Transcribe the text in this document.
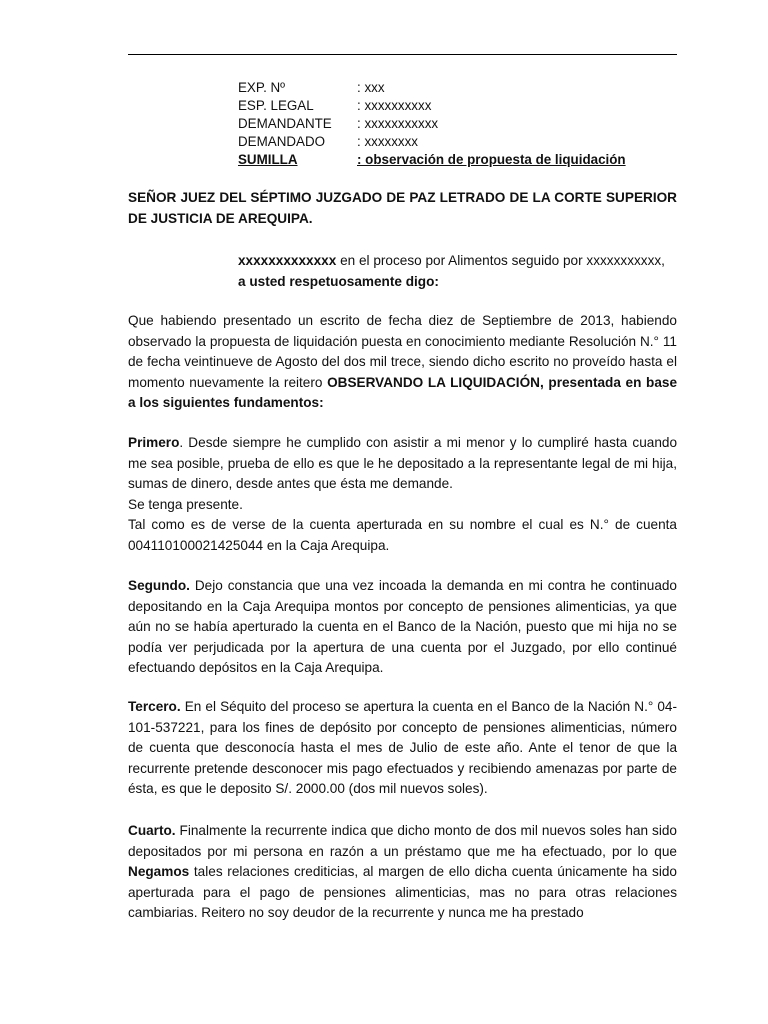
EXP. Nº	: xxx
ESP. LEGAL	: xxxxxxxxxx
DEMANDANTE	: xxxxxxxxxxx
DEMANDADO	: xxxxxxxx
SUMILLA	: observación de propuesta de liquidación
SEÑOR JUEZ DEL SÉPTIMO JUZGADO DE PAZ LETRADO DE LA CORTE SUPERIOR DE JUSTICIA DE AREQUIPA.
xxxxxxxxxxxxx en el proceso por Alimentos seguido por xxxxxxxxxxx,
a usted respetuosamente digo:
Que habiendo presentado un escrito de fecha diez de Septiembre de 2013, habiendo observado la propuesta de liquidación puesta en conocimiento mediante Resolución N.° 11 de fecha veintinueve de Agosto del dos mil trece, siendo dicho escrito no proveído hasta el momento nuevamente la reitero OBSERVANDO LA LIQUIDACIÓN, presentada en base a los siguientes fundamentos:
Primero. Desde siempre he cumplido con asistir a mi menor y lo cumpliré hasta cuando me sea posible, prueba de ello es que le he depositado a la representante legal de mi hija, sumas de dinero, desde antes que ésta me demande.
Se tenga presente.
Tal como es de verse de la cuenta aperturada en su nombre el cual es N.° de cuenta 004110100021425044 en la Caja Arequipa.
Segundo. Dejo constancia que una vez incoada la demanda en mi contra he continuado depositando en la Caja Arequipa montos por concepto de pensiones alimenticias, ya que aún no se había aperturado la cuenta en el Banco de la Nación, puesto que mi hija no se podía ver perjudicada por la apertura de una cuenta por el Juzgado, por ello continué efectuando depósitos en la Caja Arequipa.
Tercero. En el Séquito del proceso se apertura la cuenta en el Banco de la Nación N.° 04-101-537221, para los fines de depósito por concepto de pensiones alimenticias, número de cuenta que desconocía hasta el mes de Julio de este año. Ante el tenor de que la recurrente pretende desconocer mis pago efectuados y recibiendo amenazas por parte de ésta, es que le deposito S/. 2000.00 (dos mil nuevos soles).
Cuarto. Finalmente la recurrente indica que dicho monto de dos mil nuevos soles han sido depositados por mi persona en razón a un préstamo que me ha efectuado, por lo que Negamos tales relaciones crediticias, al margen de ello dicha cuenta únicamente ha sido aperturada para el pago de pensiones alimenticias, mas no para otras relaciones cambiarias. Reitero no soy deudor de la recurrente y nunca me ha prestado
